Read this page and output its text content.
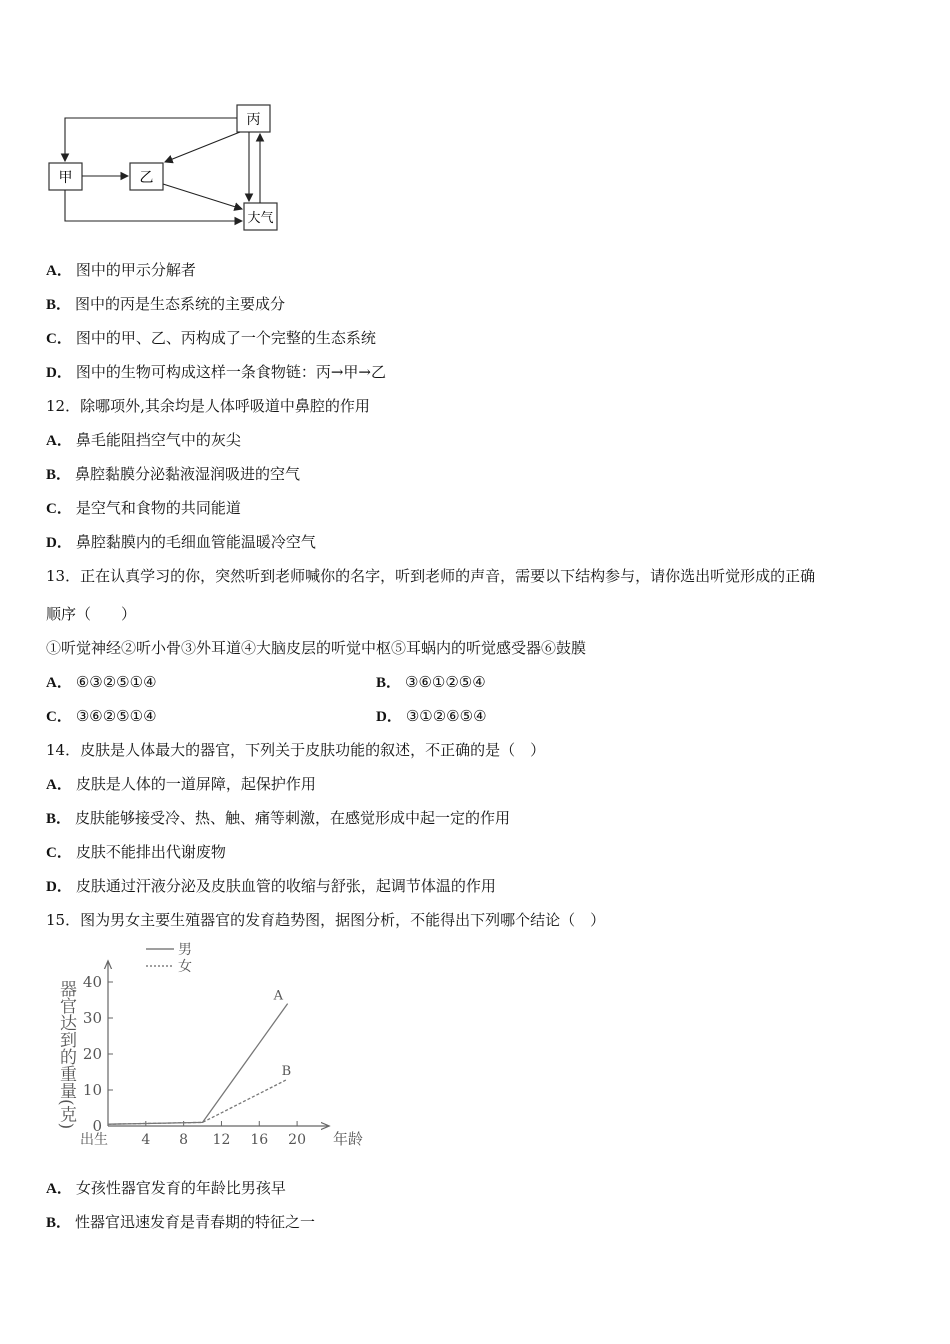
丙
甲	乙
大气
A． 图中的甲示分解者
B． 图中的丙是生态系统的主要成分
C． 图中的甲、乙、丙构成了一个完整的生态系统
D． 图中的生物可构成这样一条食物链：丙→甲→乙
12．除哪项外,其余均是人体呼吸道中鼻腔的作用
A． 鼻毛能阻挡空气中的灰尖
B． 鼻腔黏膜分泌黏液湿润吸进的空气
C． 是空气和食物的共同能道
D． 鼻腔黏膜内的毛细血管能温暖冷空气
13．正在认真学习的你，突然听到老师喊你的名字，听到老师的声音，需要以下结构参与，请你选出听觉形成的正确
顺序（　　）
①听觉神经②听小骨③外耳道④大脑皮层的听觉中枢⑤耳蜗内的听觉感受器⑥鼓膜
A． ⑥③②⑤①④	B． ③⑥①②⑤④
C． ③⑥②⑤①④	D． ③①②⑥⑤④
14．皮肤是人体最大的器官，下列关于皮肤功能的叙述，不正确的是（　）
A． 皮肤是人体的一道屏障，起保护作用
B． 皮肤能够接受冷、热、触、痛等刺激，在感觉形成中起一定的作用
C． 皮肤不能排出代谢废物
D． 皮肤通过汗液分泌及皮肤血管的收缩与舒张，起调节体温的作用
15．图为男女主要生殖器官的发育趋势图，据图分析，不能得出下列哪个结论（　）
0
10
20
30
40
出生 4 8 12 16 20 年龄
器官达到的重量(克)
男
女
A
B
A． 女孩性器官发育的年龄比男孩早
B． 性器官迅速发育是青春期的特征之一
